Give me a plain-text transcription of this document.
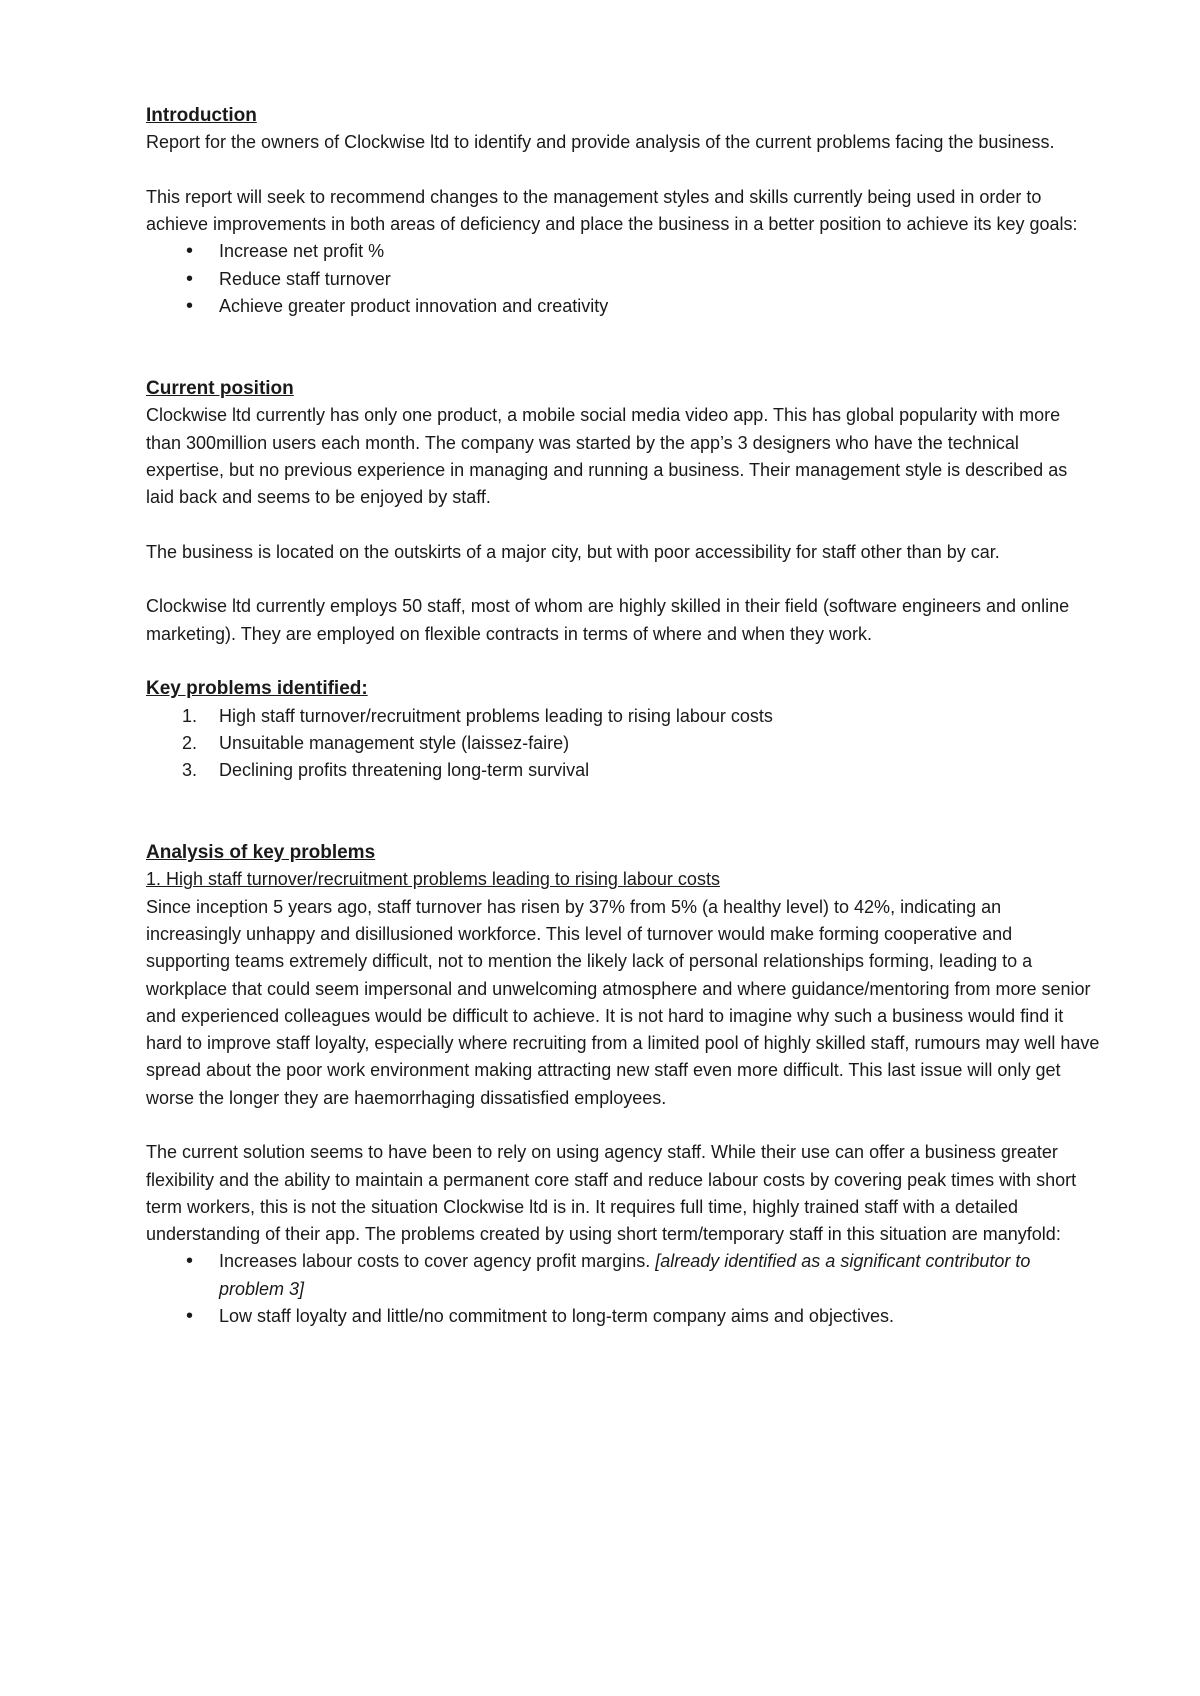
Introduction

Report for the owners of Clockwise ltd to identify and provide analysis of the current problems facing the business.

This report will seek to recommend changes to the management styles and skills currently being used in order to achieve improvements in both areas of deficiency and place the business in a better position to achieve its key goals:

• Increase net profit %
• Reduce staff turnover
• Achieve greater product innovation and creativity
Current position

Clockwise ltd currently has only one product, a mobile social media video app. This has global popularity with more than 300million users each month. The company was started by the app’s 3 designers who have the technical expertise, but no previous experience in managing and running a business. Their management style is described as laid back and seems to be enjoyed by staff.

The business is located on the outskirts of a major city, but with poor accessibility for staff other than by car.

Clockwise ltd currently employs 50 staff, most of whom are highly skilled in their field (software engineers and online marketing). They are employed on flexible contracts in terms of where and when they work.

Key problems identified:
1. High staff turnover/recruitment problems leading to rising labour costs
2. Unsuitable management style (laissez-faire)
3. Declining profits threatening long-term survival
Analysis of key problems

1. High staff turnover/recruitment problems leading to rising labour costs

Since inception 5 years ago, staff turnover has risen by 37% from 5% (a healthy level) to 42%, indicating an increasingly unhappy and disillusioned workforce. This level of turnover would make forming cooperative and supporting teams extremely difficult, not to mention the likely lack of personal relationships forming, leading to a workplace that could seem impersonal and unwelcoming atmosphere and where guidance/mentoring from more senior and experienced colleagues would be difficult to achieve. It is not hard to imagine why such a business would find it hard to improve staff loyalty, especially where recruiting from a limited pool of highly skilled staff, rumours may well have spread about the poor work environment making attracting new staff even more difficult. This last issue will only get worse the longer they are haemorrhaging dissatisfied employees.

The current solution seems to have been to rely on using agency staff. While their use can offer a business greater flexibility and the ability to maintain a permanent core staff and reduce labour costs by covering peak times with short term workers, this is not the situation Clockwise ltd is in. It requires full time, highly trained staff with a detailed understanding of their app. The problems created by using short term/temporary staff in this situation are manyfold:

• Increases labour costs to cover agency profit margins. [already identified as a significant contributor to problem 3]
• Low staff loyalty and little/no commitment to long-term company aims and objectives.
